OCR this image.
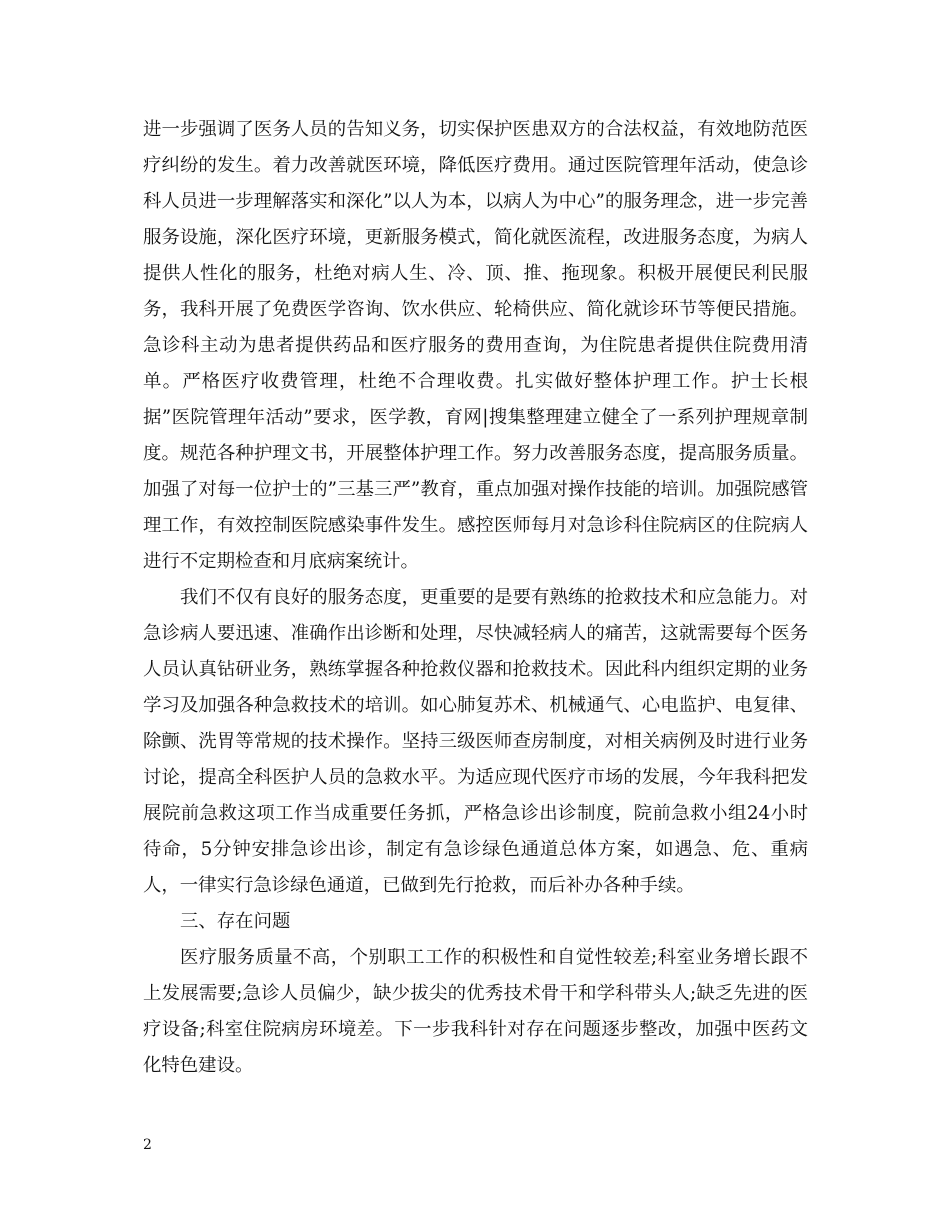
进一步强调了医务人员的告知义务，切实保护医患双方的合法权益，有效地防范医疗纠纷的发生。着力改善就医环境，降低医疗费用。通过医院管理年活动，使急诊科人员进一步理解落实和深化”以人为本，以病人为中心”的服务理念，进一步完善服务设施，深化医疗环境，更新服务模式，简化就医流程，改进服务态度，为病人提供人性化的服务，杜绝对病人生、冷、顶、推、拖现象。积极开展便民利民服务，我科开展了免费医学咨询、饮水供应、轮椅供应、简化就诊环节等便民措施。急诊科主动为患者提供药品和医疗服务的费用查询，为住院患者提供住院费用清单。严格医疗收费管理，杜绝不合理收费。扎实做好整体护理工作。护士长根据”医院管理年活动”要求，医学教，育网|搜集整理建立健全了一系列护理规章制度。规范各种护理文书，开展整体护理工作。努力改善服务态度，提高服务质量。加强了对每一位护士的”三基三严”教育，重点加强对操作技能的培训。加强院感管理工作，有效控制医院感染事件发生。感控医师每月对急诊科住院病区的住院病人进行不定期检查和月底病案统计。

我们不仅有良好的服务态度，更重要的是要有熟练的抢救技术和应急能力。对急诊病人要迅速、准确作出诊断和处理，尽快减轻病人的痛苦，这就需要每个医务人员认真钻研业务，熟练掌握各种抢救仪器和抢救技术。因此科内组织定期的业务学习及加强各种急救技术的培训。如心肺复苏术、机械通气、心电监护、电复律、除颤、洗胃等常规的技术操作。坚持三级医师查房制度，对相关病例及时进行业务讨论，提高全科医护人员的急救水平。为适应现代医疗市场的发展，今年我科把发展院前急救这项工作当成重要任务抓，严格急诊出诊制度，院前急救小组24小时待命，5分钟安排急诊出诊，制定有急诊绿色通道总体方案，如遇急、危、重病人，一律实行急诊绿色通道，已做到先行抢救，而后补办各种手续。

三、存在问题

医疗服务质量不高，个别职工工作的积极性和自觉性较差;科室业务增长跟不上发展需要;急诊人员偏少，缺少拔尖的优秀技术骨干和学科带头人;缺乏先进的医疗设备;科室住院病房环境差。下一步我科针对存在问题逐步整改，加强中医药文化特色建设。

2
